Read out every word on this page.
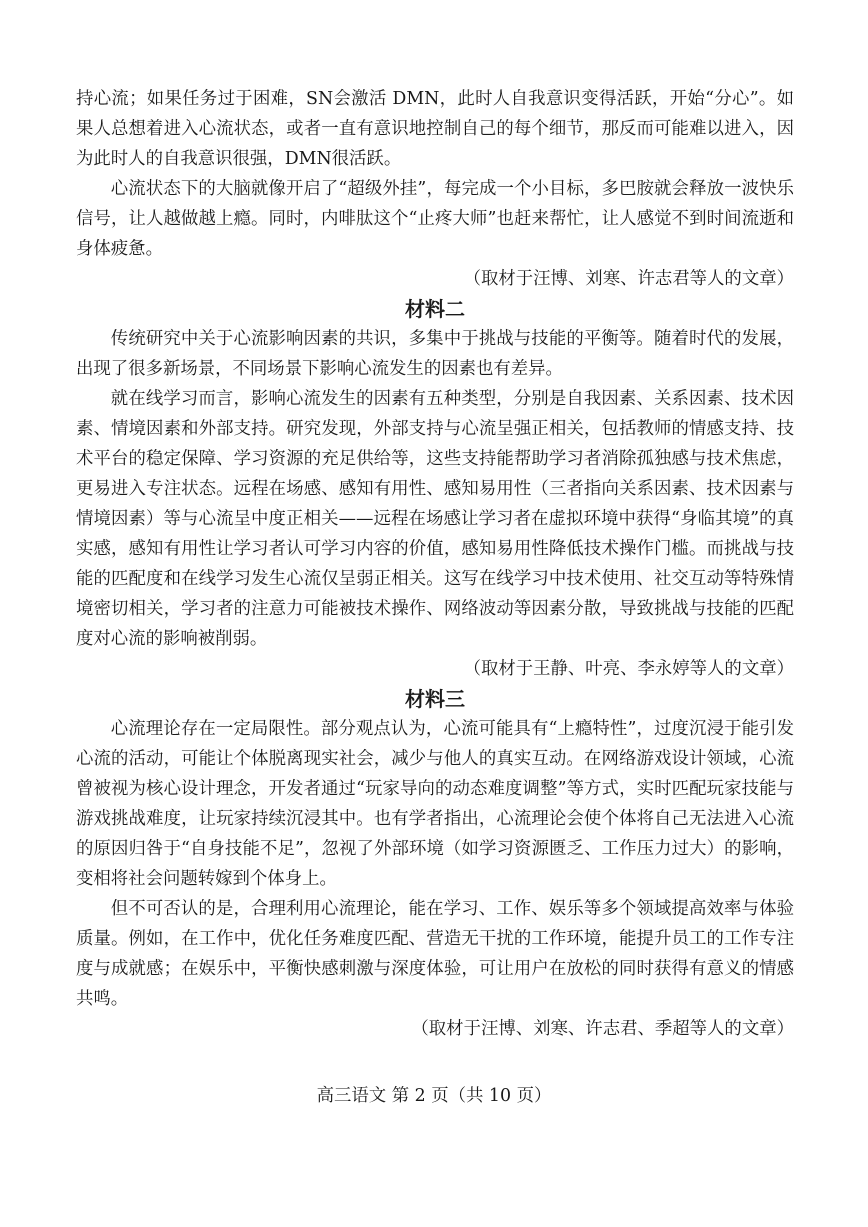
持心流；如果任务过于困难，SN会激活 DMN，此时人自我意识变得活跃，开始“分心”。如果人总想着进入心流状态，或者一直有意识地控制自己的每个细节，那反而可能难以进入，因为此时人的自我意识很强，DMN很活跃。

心流状态下的大脑就像开启了“超级外挂”，每完成一个小目标，多巴胺就会释放一波快乐信号，让人越做越上瘾。同时，内啡肽这个“止疼大师”也赶来帮忙，让人感觉不到时间流逝和身体疲惫。

（取材于汪博、刘寒、许志君等人的文章）

材料二

传统研究中关于心流影响因素的共识，多集中于挑战与技能的平衡等。随着时代的发展，出现了很多新场景，不同场景下影响心流发生的因素也有差异。

就在线学习而言，影响心流发生的因素有五种类型，分别是自我因素、关系因素、技术因素、情境因素和外部支持。研究发现，外部支持与心流呈强正相关，包括教师的情感支持、技术平台的稳定保障、学习资源的充足供给等，这些支持能帮助学习者消除孤独感与技术焦虑，更易进入专注状态。远程在场感、感知有用性、感知易用性（三者指向关系因素、技术因素与情境因素）等与心流呈中度正相关——远程在场感让学习者在虚拟环境中获得“身临其境”的真实感，感知有用性让学习者认可学习内容的价值，感知易用性降低技术操作门槛。而挑战与技能的匹配度和在线学习发生心流仅呈弱正相关。这写在线学习中技术使用、社交互动等特殊情境密切相关，学习者的注意力可能被技术操作、网络波动等因素分散，导致挑战与技能的匹配度对心流的影响被削弱。

（取材于王静、叶亮、李永婷等人的文章）

材料三

心流理论存在一定局限性。部分观点认为，心流可能具有“上瘾特性”，过度沉浸于能引发心流的活动，可能让个体脱离现实社会，减少与他人的真实互动。在网络游戏设计领域，心流曾被视为核心设计理念，开发者通过“玩家导向的动态难度调整”等方式，实时匹配玩家技能与游戏挑战难度，让玩家持续沉浸其中。也有学者指出，心流理论会使个体将自己无法进入心流的原因归咎于“自身技能不足”，忽视了外部环境（如学习资源匮乏、工作压力过大）的影响，变相将社会问题转嫁到个体身上。

但不可否认的是，合理利用心流理论，能在学习、工作、娱乐等多个领域提高效率与体验质量。例如，在工作中，优化任务难度匹配、营造无干扰的工作环境，能提升员工的工作专注度与成就感；在娱乐中，平衡快感刺激与深度体验，可让用户在放松的同时获得有意义的情感共鸣。

（取材于汪博、刘寒、许志君、季超等人的文章）

高三语文 第 2 页（共 10 页）
